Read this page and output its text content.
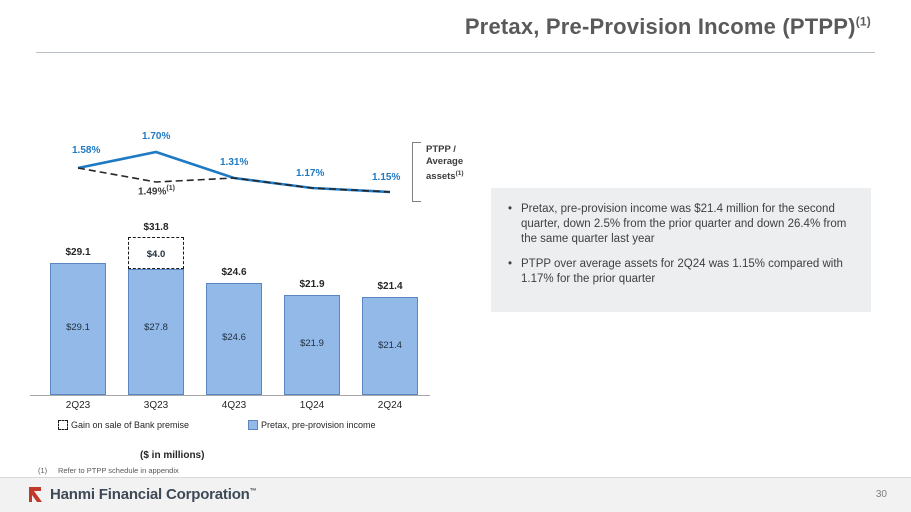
Pretax, Pre-Provision Income (PTPP)$^{(1)}$
1.58%
1.70%
1.31%
1.17%	1.15%
1.49%$^{(1)}$
PTPP / Average assets$^{(1)}$
$29.1
$29.1
$31.8
$4.0
$27.8
$24.6
$24.6
$21.9
$21.9
$21.4
$21.4
2Q23	3Q23	4Q23	1Q24	2Q24
Gain on sale of Bank premise	Pretax, pre-provision income
($ in millions)
• Pretax, pre-provision income was $21.4 million for the second quarter, down 2.5% from the prior quarter and down 26.4% from the same quarter last year
• PTPP over average assets for 2Q24 was 1.15% compared with 1.17% for the prior quarter
(1) Refer to PTPP schedule in appendix
Hanmi Financial Corporation™	30
